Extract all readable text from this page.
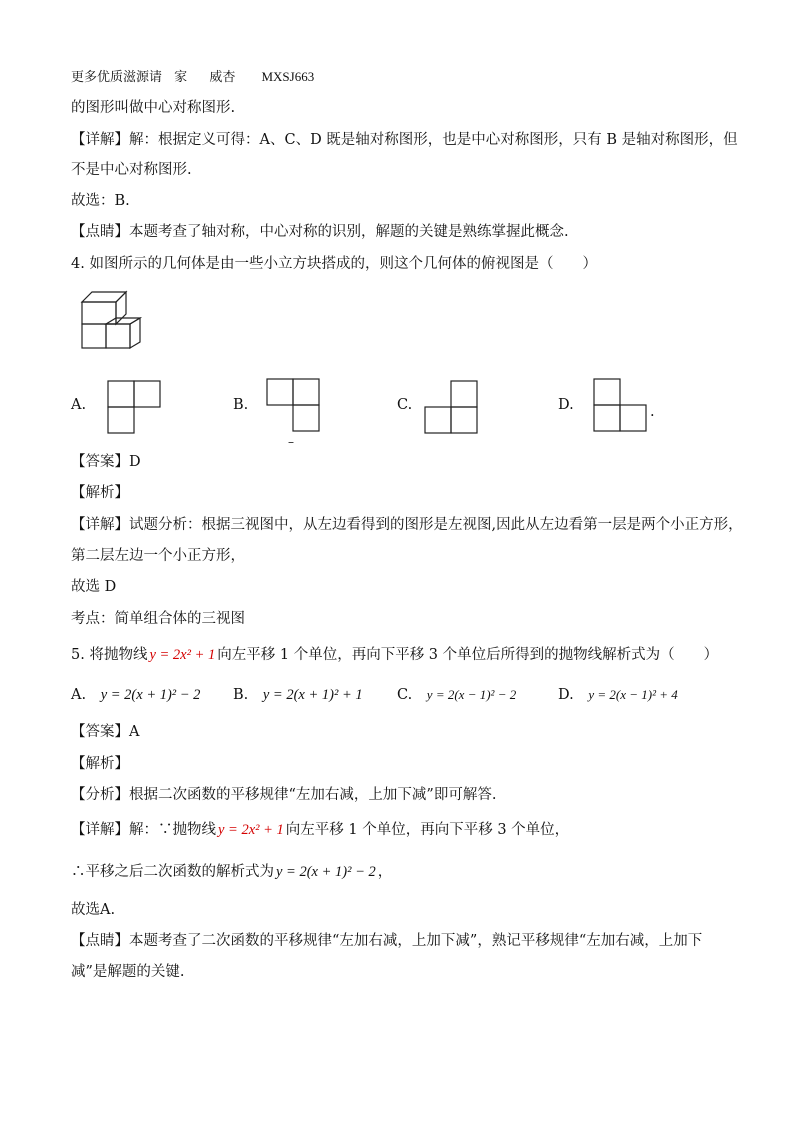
更多优质滋源请 家 威杏 MXSJ663
的图形叫做中心对称图形.
【详解】解：根据定义可得：A、C、D 既是轴对称图形，也是中心对称图形，只有 B 是轴对称图形，但
不是中心对称图形.
故选：B.
【点睛】本题考查了轴对称，中心对称的识别，解题的关键是熟练掌握此概念.
4. 如图所示的几何体是由一些小立方块搭成的，则这个几何体的俯视图是（　　）
A.	B.
–
C.	D.	.
【答案】D
【解析】
【详解】试题分析：根据三视图中，从左边看得到的图形是左视图,因此从左边看第一层是两个小正方形，
第二层左边一个小正方形，
故选 D
考点：简单组合体的三视图
5. 将抛物线 y = 2x² + 1 向左平移 1 个单位，再向下平移 3 个单位后所得到的抛物线解析式为（　　）
A. y = 2(x + 1)² − 2 B. y = 2(x + 1)² + 1 C. y = 2(x − 1)² − 2	D. y = 2(x − 1)² + 4
【答案】A
【解析】
【分析】根据二次函数的平移规律“左加右减，上加下减”即可解答.
【详解】解：∵抛物线 y = 2x² + 1 向左平移 1 个单位，再向下平移 3 个单位，
∴平移之后二次函数的解析式为 y = 2(x + 1)² − 2 ，
故选A.
【点睛】本题考查了二次函数的平移规律“左加右减，上加下减”，熟记平移规律“左加右减，上加下
减”是解题的关键.
